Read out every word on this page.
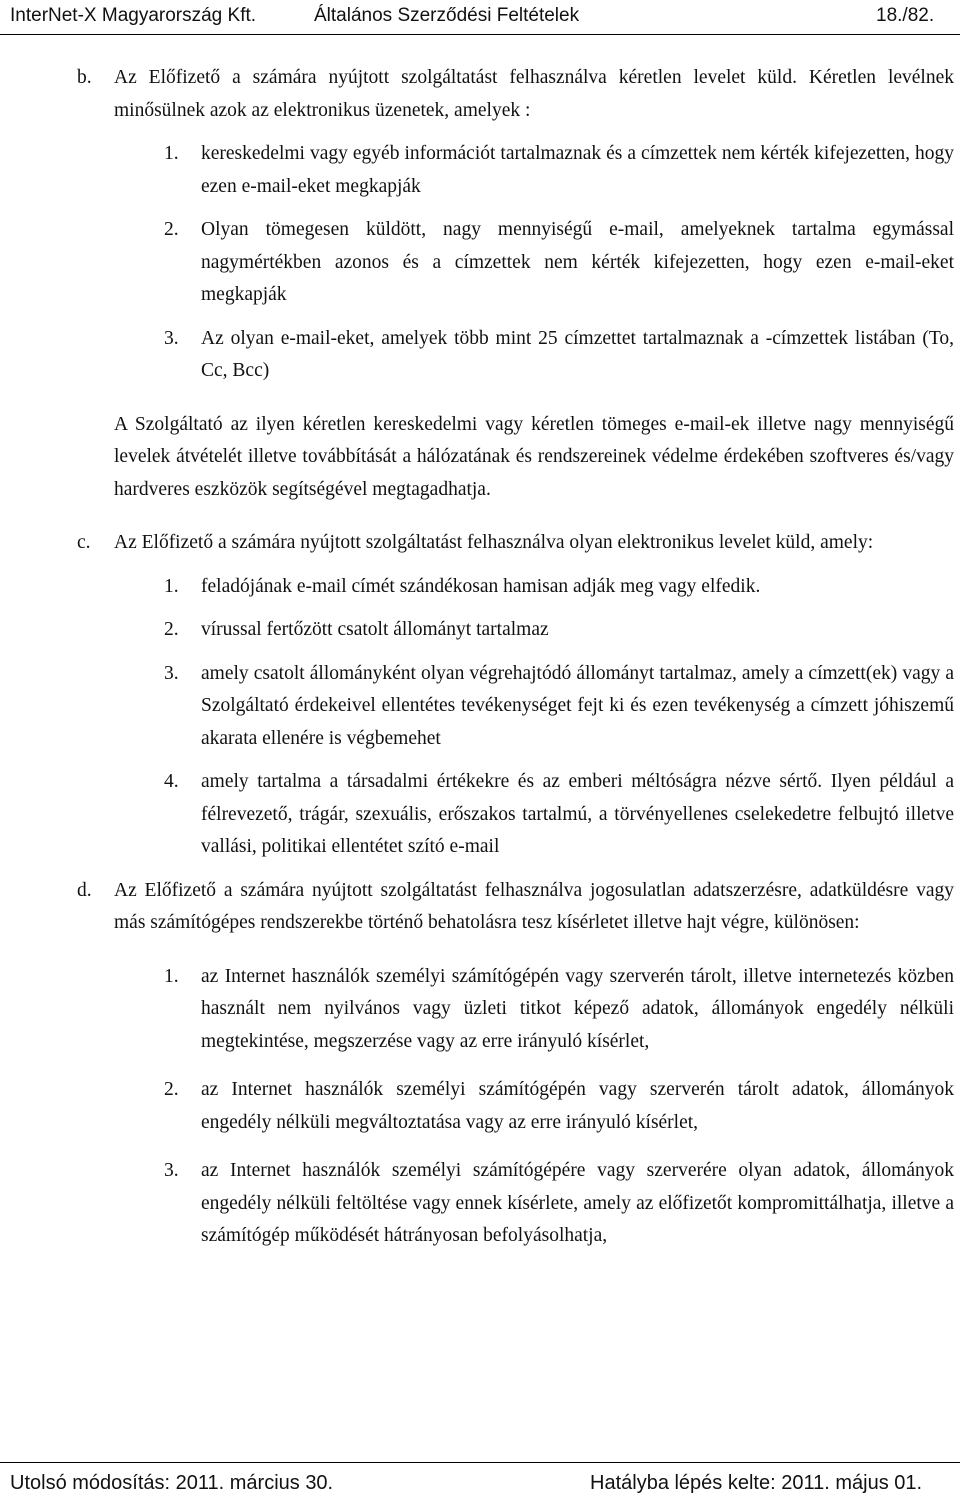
InterNet-X Magyarország Kft.	Általános Szerződési Feltételek	18./82.
b. Az Előfizető a számára nyújtott szolgáltatást felhasználva kéretlen levelet küld. Kéretlen levélnek minősülnek azok az elektronikus üzenetek, amelyek :
1. kereskedelmi vagy egyéb információt tartalmaznak és a címzettek nem kérték kifejezetten, hogy ezen e-mail-eket megkapják
2. Olyan tömegesen küldött, nagy mennyiségű e-mail, amelyeknek tartalma egymással nagymértékben azonos és a címzettek nem kérték kifejezetten, hogy ezen e-mail-eket megkapják
3. Az olyan e-mail-eket, amelyek több mint 25 címzettet tartalmaznak a -címzettek listában (To, Cc, Bcc)
A Szolgáltató az ilyen kéretlen kereskedelmi vagy kéretlen tömeges e-mail-ek illetve nagy mennyiségű levelek átvételét illetve továbbítását a hálózatának és rendszereinek védelme érdekében szoftveres és/vagy hardveres eszközök segítségével megtagadhatja.
c. Az Előfizető a számára nyújtott szolgáltatást felhasználva olyan elektronikus levelet küld, amely:
1. feladójának e-mail címét szándékosan hamisan adják meg vagy elfedik.
2. vírussal fertőzött csatolt állományt tartalmaz
3. amely csatolt állományként olyan végrehajtódó állományt tartalmaz, amely a címzett(ek) vagy a Szolgáltató érdekeivel ellentétes tevékenységet fejt ki és ezen tevékenység a címzett jóhiszemű akarata ellenére is végbemehet
4. amely tartalma a társadalmi értékekre és az emberi méltóságra nézve sértő. Ilyen például a félrevezető, trágár, szexuális, erőszakos tartalmú, a törvényellenes cselekedetre felbujtó illetve vallási, politikai ellentétet szító e-mail
d. Az Előfizető a számára nyújtott szolgáltatást felhasználva jogosulatlan adatszerzésre, adatküldésre vagy más számítógépes rendszerekbe történő behatolásra tesz kísérletet illetve hajt végre, különösen:
1. az Internet használók személyi számítógépén vagy szerverén tárolt, illetve internetezés közben használt nem nyilvános vagy üzleti titkot képező adatok, állományok engedély nélküli megtekintése, megszerzése vagy az erre irányuló kísérlet,
2. az Internet használók személyi számítógépén vagy szerverén tárolt adatok, állományok engedély nélküli megváltoztatása vagy az erre irányuló kísérlet,
3. az Internet használók személyi számítógépére vagy szerverére olyan adatok, állományok engedély nélküli feltöltése vagy ennek kísérlete, amely az előfizetőt kompromittálhatja, illetve a számítógép működését hátrányosan befolyásolhatja,
Utolsó módosítás: 2011. március 30.	Hatályba lépés kelte: 2011. május 01.
